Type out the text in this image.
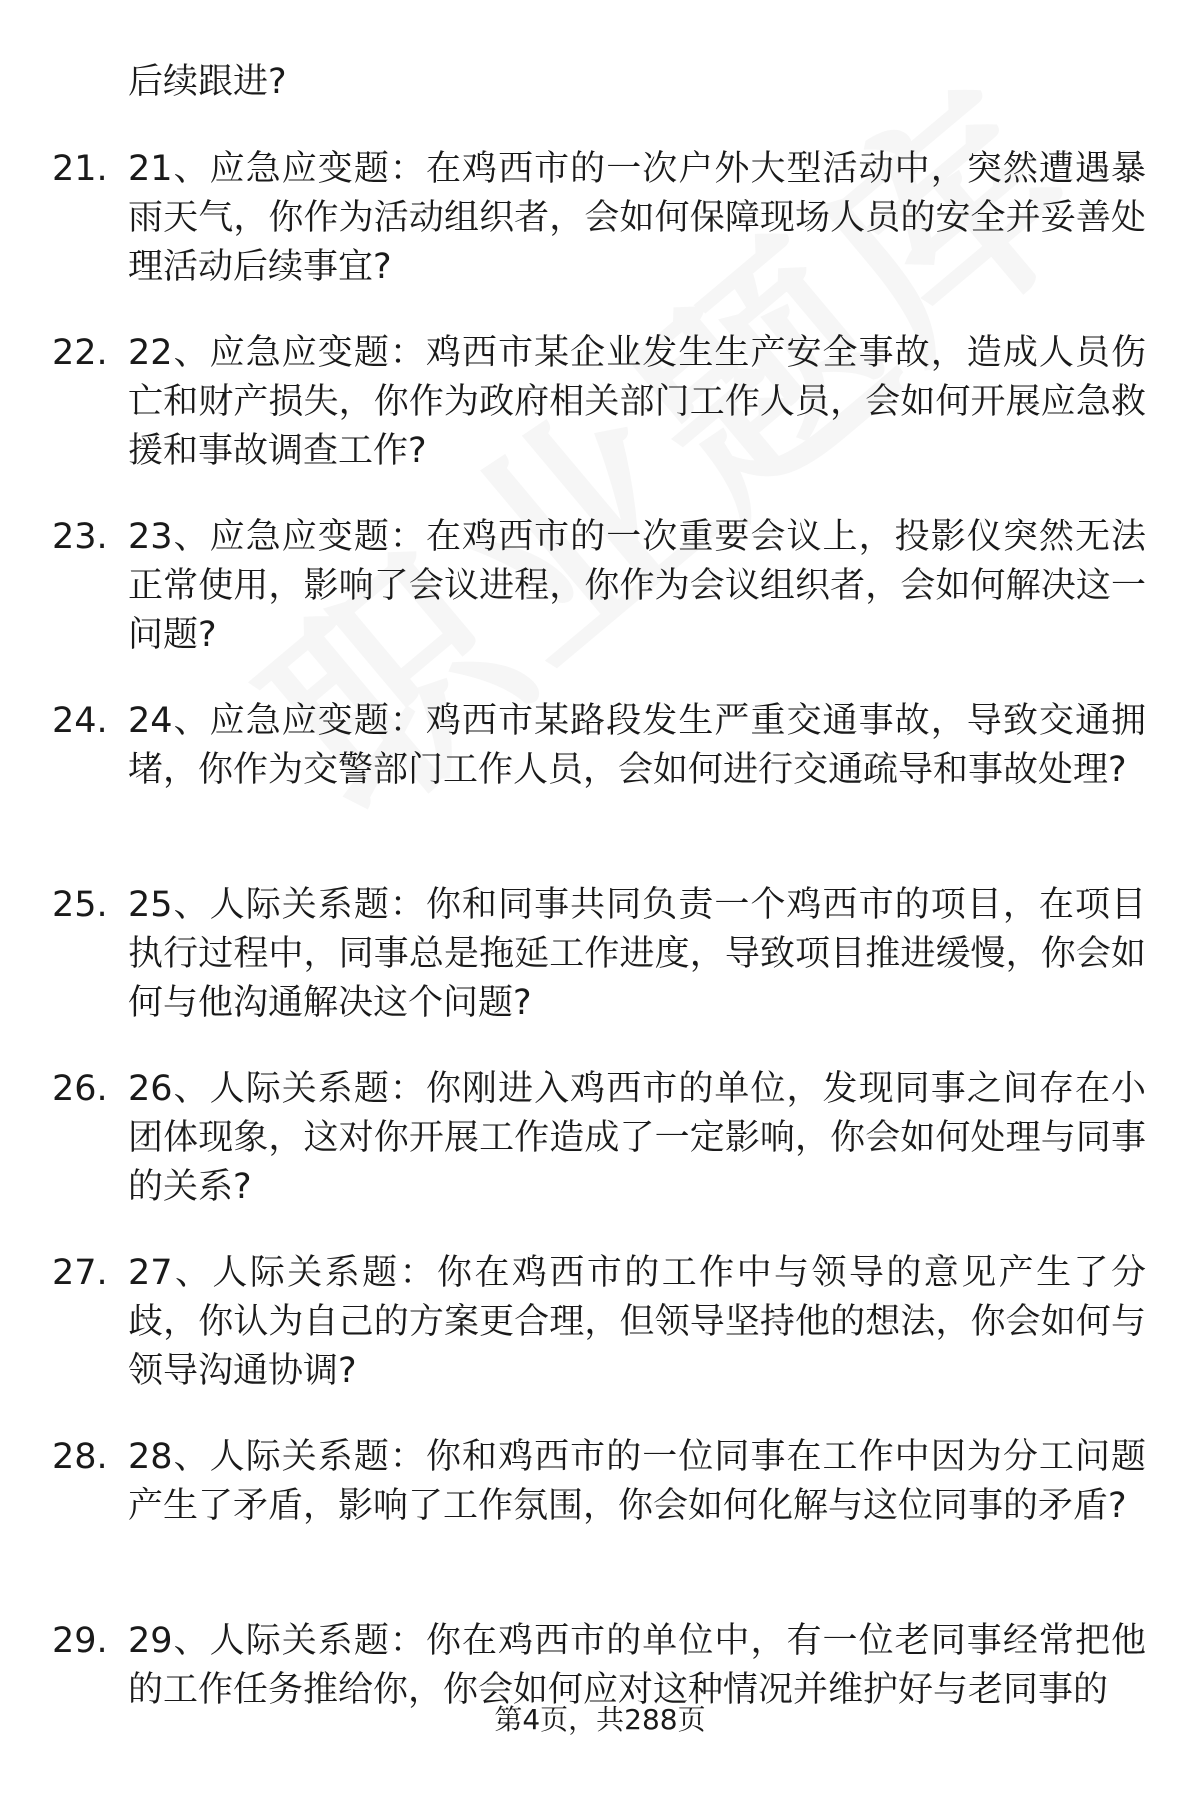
后续跟进?
21. 21、应急应变题：在鸡西市的一次户外大型活动中，突然遭遇暴雨天气，你作为活动组织者，会如何保障现场人员的安全并妥善处理活动后续事宜?
22. 22、应急应变题：鸡西市某企业发生生产安全事故，造成人员伤亡和财产损失，你作为政府相关部门工作人员，会如何开展应急救援和事故调查工作?
23. 23、应急应变题：在鸡西市的一次重要会议上，投影仪突然无法正常使用，影响了会议进程，你作为会议组织者，会如何解决这一问题?
24. 24、应急应变题：鸡西市某路段发生严重交通事故，导致交通拥堵，你作为交警部门工作人员，会如何进行交通疏导和事故处理?
25. 25、人际关系题：你和同事共同负责一个鸡西市的项目，在项目执行过程中，同事总是拖延工作进度，导致项目推进缓慢，你会如何与他沟通解决这个问题?
26. 26、人际关系题：你刚进入鸡西市的单位，发现同事之间存在小团体现象，这对你开展工作造成了一定影响，你会如何处理与同事的关系?
27. 27、人际关系题：你在鸡西市的工作中与领导的意见产生了分歧，你认为自己的方案更合理，但领导坚持他的想法，你会如何与领导沟通协调?
28. 28、人际关系题：你和鸡西市的一位同事在工作中因为分工问题产生了矛盾，影响了工作氛围，你会如何化解与这位同事的矛盾?
29. 29、人际关系题：你在鸡西市的单位中，有一位老同事经常把他的工作任务推给你，你会如何应对这种情况并维护好与老同事的
第4页，共288页
